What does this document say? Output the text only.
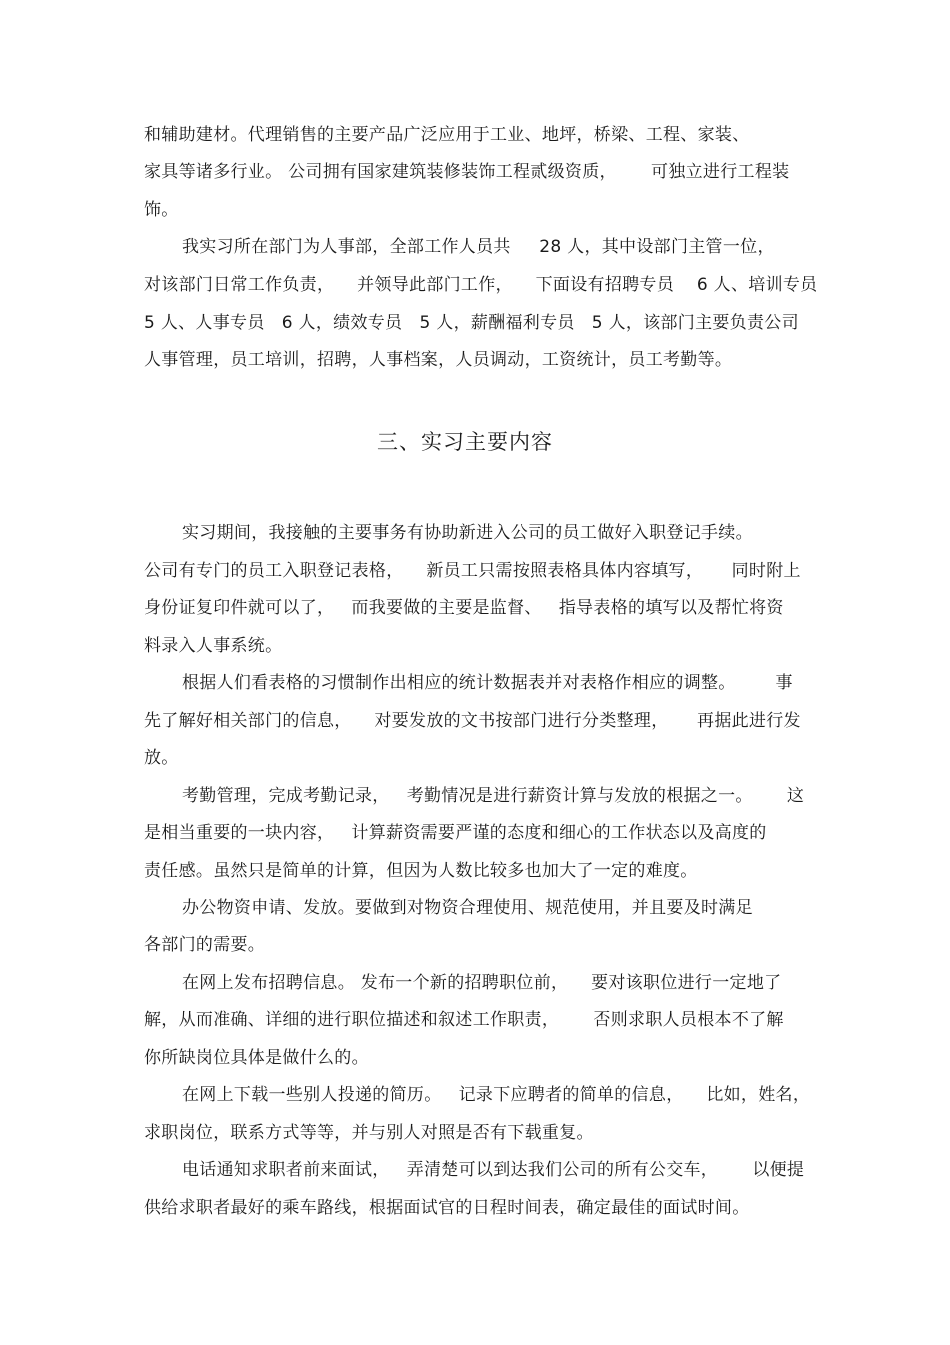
和辅助建材。代理销售的主要产品广泛应用于工业、地坪，桥梁、工程、家装、
家具等诸多行业。 公司拥有国家建筑装修装饰工程贰级资质，      可独立进行工程装
饰。
我实习所在部门为人事部，全部工作人员共     28 人，其中设部门主管一位，
对该部门日常工作负责，    并领导此部门工作，    下面设有招聘专员    6 人、培训专员
5 人、人事专员   6 人，绩效专员   5 人，薪酬福利专员   5 人，该部门主要负责公司
人事管理，员工培训，招聘，人事档案，人员调动，工资统计，员工考勤等。
三、实习主要内容
实习期间，我接触的主要事务有协助新进入公司的员工做好入职登记手续。
公司有专门的员工入职登记表格，    新员工只需按照表格具体内容填写，     同时附上
身份证复印件就可以了，   而我要做的主要是监督、   指导表格的填写以及帮忙将资
料录入人事系统。
根据人们看表格的习惯制作出相应的统计数据表并对表格作相应的调整。       事
先了解好相关部门的信息，    对要发放的文书按部门进行分类整理，     再据此进行发
放。
考勤管理，完成考勤记录，   考勤情况是进行薪资计算与发放的根据之一。      这
是相当重要的一块内容，   计算薪资需要严谨的态度和细心的工作状态以及高度的
责任感。虽然只是简单的计算，但因为人数比较多也加大了一定的难度。
办公物资申请、发放。要做到对物资合理使用、规范使用，并且要及时满足
各部门的需要。
在网上发布招聘信息。 发布一个新的招聘职位前，    要对该职位进行一定地了
解，从而准确、详细的进行职位描述和叙述工作职责，      否则求职人员根本不了解
你所缺岗位具体是做什么的。
在网上下载一些别人投递的简历。   记录下应聘者的简单的信息，    比如，姓名，
求职岗位，联系方式等等，并与别人对照是否有下载重复。
电话通知求职者前来面试，   弄清楚可以到达我们公司的所有公交车，      以便提
供给求职者最好的乘车路线，根据面试官的日程时间表，确定最佳的面试时间。
